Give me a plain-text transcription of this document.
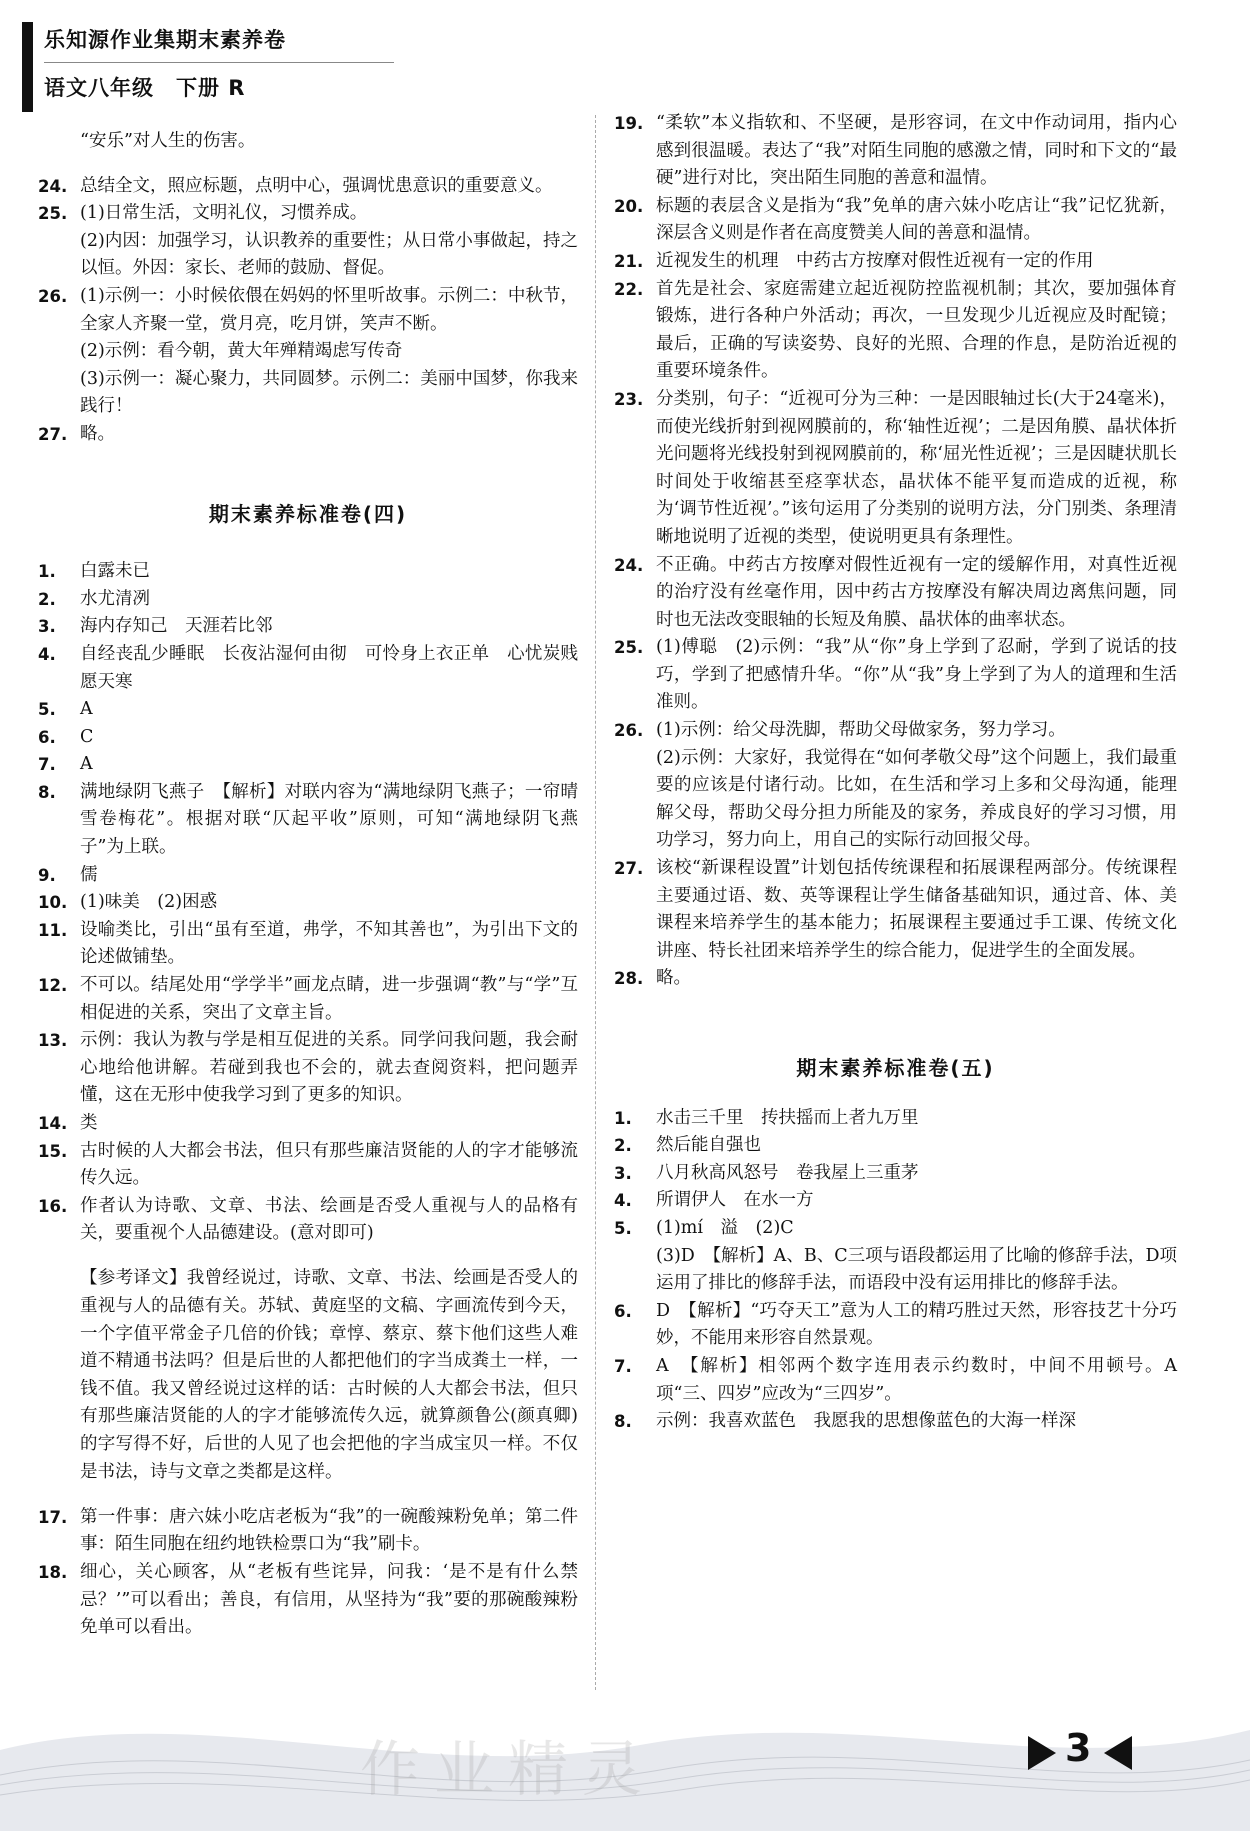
乐知源作业集期末素养卷
语文八年级　下册 R

“安乐”对人生的伤害。

24. 总结全文，照应标题，点明中心，强调忧患意识的重要意义。

25. (1)日常生活，文明礼仪，习惯养成。

(2)内因：加强学习，认识教养的重要性；从日常小事做起，持之以恒。外因：家长、老师的鼓励、督促。

26. (1)示例一：小时候依偎在妈妈的怀里听故事。示例二：中秋节，全家人齐聚一堂，赏月亮，吃月饼，笑声不断。

(2)示例：看今朝，黄大年殚精竭虑写传奇

(3)示例一：凝心聚力，共同圆梦。示例二：美丽中国梦，你我来践行！

27. 略。

期末素养标准卷(四)
1. 白露未已

2. 水尤清冽

3. 海内存知己　天涯若比邻

4. 自经丧乱少睡眠　长夜沾湿何由彻　可怜身上衣正单　心忧炭贱愿天寒

5. A

6. C

7. A

8. 满地绿阴飞燕子　【解析】对联内容为“满地绿阴飞燕子；一帘晴雪卷梅花”。根据对联“仄起平收”原则，可知“满地绿阴飞燕子”为上联。

9. 儒

10. (1)味美　(2)困惑

11. 设喻类比，引出“虽有至道，弗学，不知其善也”，为引出下文的论述做铺垫。

12. 不可以。结尾处用“学学半”画龙点睛，进一步强调“教”与“学”互相促进的关系，突出了文章主旨。

13. 示例：我认为教与学是相互促进的关系。同学问我问题，我会耐心地给他讲解。若碰到我也不会的，就去查阅资料，把问题弄懂，这在无形中使我学习到了更多的知识。

14. 类

15. 古时候的人大都会书法，但只有那些廉洁贤能的人的字才能够流传久远。

16. 作者认为诗歌、文章、书法、绘画是否受人重视与人的品格有关，要重视个人品德建设。(意对即可)

【参考译文】我曾经说过，诗歌、文章、书法、绘画是否受人的重视与人的品德有关。苏轼、黄庭坚的文稿、字画流传到今天，一个字值平常金子几倍的价钱；章惇、蔡京、蔡卞他们这些人难道不精通书法吗？但是后世的人都把他们的字当成粪土一样，一钱不值。我又曾经说过这样的话：古时候的人大都会书法，但只有那些廉洁贤能的人的字才能够流传久远，就算颜鲁公(颜真卿)的字写得不好，后世的人见了也会把他的字当成宝贝一样。不仅是书法，诗与文章之类都是这样。

17. 第一件事：唐六妹小吃店老板为“我”的一碗酸辣粉免单；第二件事：陌生同胞在纽约地铁检票口为“我”刷卡。

18. 细心，关心顾客，从“老板有些诧异，问我：‘是不是有什么禁忌？’”可以看出；善良，有信用，从坚持为“我”要的那碗酸辣粉免单可以看出。

19. “柔软”本义指软和、不坚硬，是形容词，在文中作动词用，指内心感到很温暖。表达了“我”对陌生同胞的感激之情，同时和下文的“最硬”进行对比，突出陌生同胞的善意和温情。

20. 标题的表层含义是指为“我”免单的唐六妹小吃店让“我”记忆犹新，深层含义则是作者在高度赞美人间的善意和温情。

21. 近视发生的机理　中药古方按摩对假性近视有一定的作用

22. 首先是社会、家庭需建立起近视防控监视机制；其次，要加强体育锻炼，进行各种户外活动；再次，一旦发现少儿近视应及时配镜；最后，正确的写读姿势、良好的光照、合理的作息，是防治近视的重要环境条件。

23. 分类别，句子：“近视可分为三种：一是因眼轴过长(大于24毫米)，而使光线折射到视网膜前的，称‘轴性近视’；二是因角膜、晶状体折光问题将光线投射到视网膜前的，称‘屈光性近视’；三是因睫状肌长时间处于收缩甚至痉挛状态，晶状体不能平复而造成的近视，称为‘调节性近视’。”该句运用了分类别的说明方法，分门别类、条理清晰地说明了近视的类型，使说明更具有条理性。

24. 不正确。中药古方按摩对假性近视有一定的缓解作用，对真性近视的治疗没有丝毫作用，因中药古方按摩没有解决周边离焦问题，同时也无法改变眼轴的长短及角膜、晶状体的曲率状态。

25. (1)傅聪　(2)示例：“我”从“你”身上学到了忍耐，学到了说话的技巧，学到了把感情升华。“你”从“我”身上学到了为人的道理和生活准则。

26. (1)示例：给父母洗脚，帮助父母做家务，努力学习。

(2)示例：大家好，我觉得在“如何孝敬父母”这个问题上，我们最重要的应该是付诸行动。比如，在生活和学习上多和父母沟通，能理解父母，帮助父母分担力所能及的家务，养成良好的学习习惯，用功学习，努力向上，用自己的实际行动回报父母。

27. 该校“新课程设置”计划包括传统课程和拓展课程两部分。传统课程主要通过语、数、英等课程让学生储备基础知识，通过音、体、美课程来培养学生的基本能力；拓展课程主要通过手工课、传统文化讲座、特长社团来培养学生的综合能力，促进学生的全面发展。

28. 略。

期末素养标准卷(五)
1. 水击三千里　抟扶摇而上者九万里

2. 然后能自强也

3. 八月秋高风怒号　卷我屋上三重茅

4. 所谓伊人　在水一方

5. (1)mí　溢　(2)C

(3)D　【解析】A、B、C三项与语段都运用了比喻的修辞手法，D项运用了排比的修辞手法，而语段中没有运用排比的修辞手法。

6. D　【解析】“巧夺天工”意为人工的精巧胜过天然，形容技艺十分巧妙，不能用来形容自然景观。

7. A　【解析】相邻两个数字连用表示约数时，中间不用顿号。A项“三、四岁”应改为“三四岁”。

8. 示例：我喜欢蓝色　我愿我的思想像蓝色的大海一样深

作业精灵	3
